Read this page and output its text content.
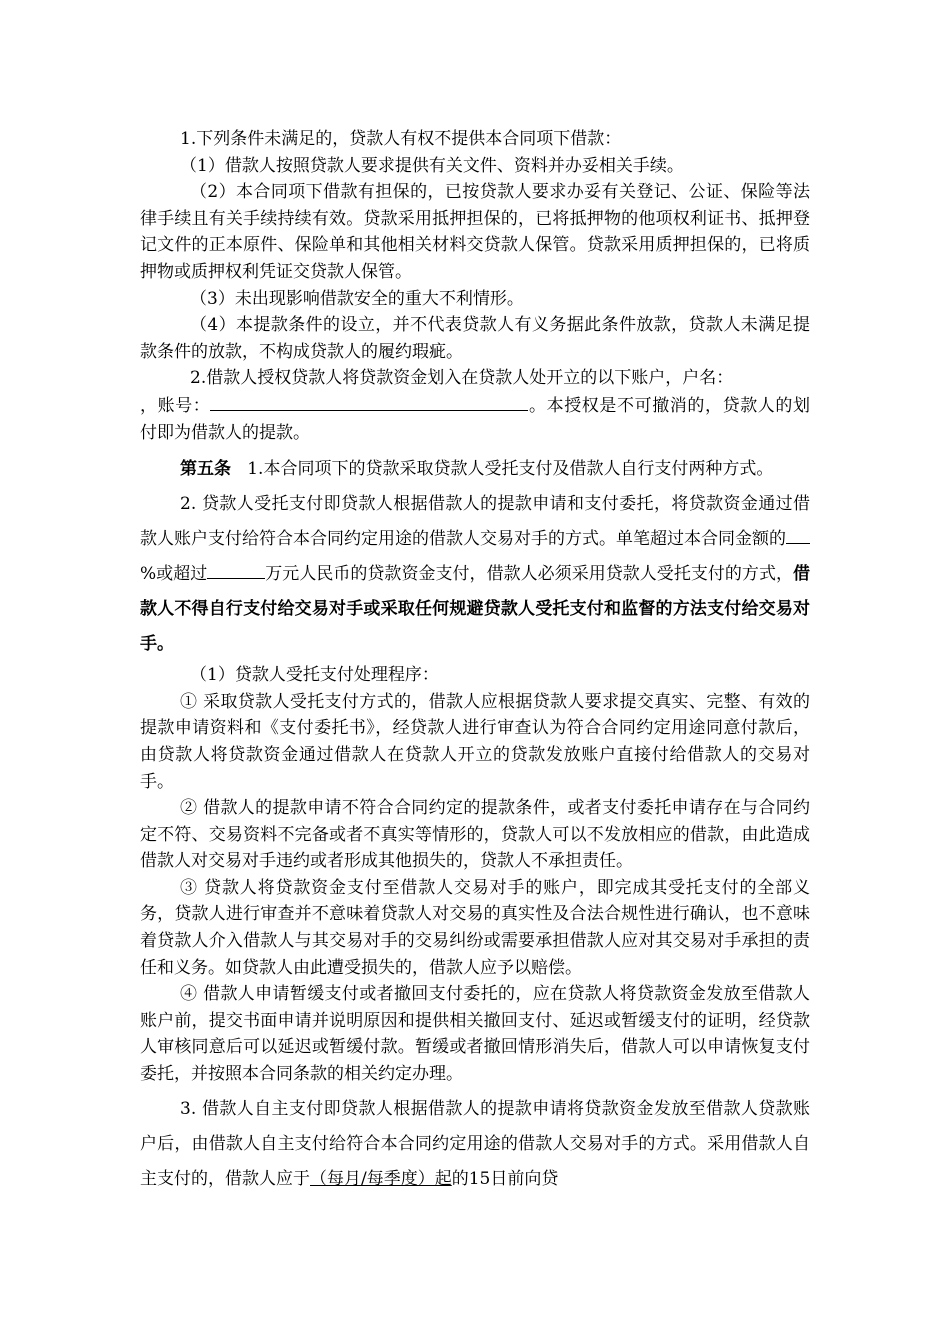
1.下列条件未满足的，贷款人有权不提供本合同项下借款：

（1）借款人按照贷款人要求提供有关文件、资料并办妥相关手续。

（2）本合同项下借款有担保的，已按贷款人要求办妥有关登记、公证、保险等法律手续且有关手续持续有效。贷款采用抵押担保的，已将抵押物的他项权利证书、抵押登记文件的正本原件、保险单和其他相关材料交贷款人保管。贷款采用质押担保的，已将质押物或质押权利凭证交贷款人保管。

（3）未出现影响借款安全的重大不利情形。

（4）本提款条件的设立，并不代表贷款人有义务据此条件放款，贷款人未满足提款条件的放款，不构成贷款人的履约瑕疵。

2.借款人授权贷款人将贷款资金划入在贷款人处开立的以下账户，户名：
，账号：	。本授权是不可撤消的，贷款人的划付即为借款人的提款。

第五条 1.本合同项下的贷款采取贷款人受托支付及借款人自行支付两种方式。

2. 贷款人受托支付即贷款人根据借款人的提款申请和支付委托，将贷款资金通过借款人账户支付给符合本合同约定用途的借款人交易对手的方式。单笔超过本合同金额的%或超过	万元人民币的贷款资金支付，借款人必须采用贷款人受托支付的方式，借款人不得自行支付给交易对手或采取任何规避贷款人受托支付和监督的方法支付给交易对手。

（1）贷款人受托支付处理程序：

① 采取贷款人受托支付方式的，借款人应根据贷款人要求提交真实、完整、有效的提款申请资料和《支付委托书》，经贷款人进行审查认为符合合同约定用途同意付款后，由贷款人将贷款资金通过借款人在贷款人开立的贷款发放账户直接付给借款人的交易对手。

② 借款人的提款申请不符合合同约定的提款条件，或者支付委托申请存在与合同约定不符、交易资料不完备或者不真实等情形的，贷款人可以不发放相应的借款，由此造成借款人对交易对手违约或者形成其他损失的，贷款人不承担责任。

③ 贷款人将贷款资金支付至借款人交易对手的账户，即完成其受托支付的全部义务，贷款人进行审查并不意味着贷款人对交易的真实性及合法合规性进行确认，也不意味着贷款人介入借款人与其交易对手的交易纠纷或需要承担借款人应对其交易对手承担的责任和义务。如贷款人由此遭受损失的，借款人应予以赔偿。

④ 借款人申请暂缓支付或者撤回支付委托的，应在贷款人将贷款资金发放至借款人账户前，提交书面申请并说明原因和提供相关撤回支付、延迟或暂缓支付的证明，经贷款人审核同意后可以延迟或暂缓付款。暂缓或者撤回情形消失后，借款人可以申请恢复支付委托，并按照本合同条款的相关约定办理。

3. 借款人自主支付即贷款人根据借款人的提款申请将贷款资金发放至借款人贷款账户后，由借款人自主支付给符合本合同约定用途的借款人交易对手的方式。采用借款人自主支付的，借款人应于（每月/每季度）起的15日前向贷
